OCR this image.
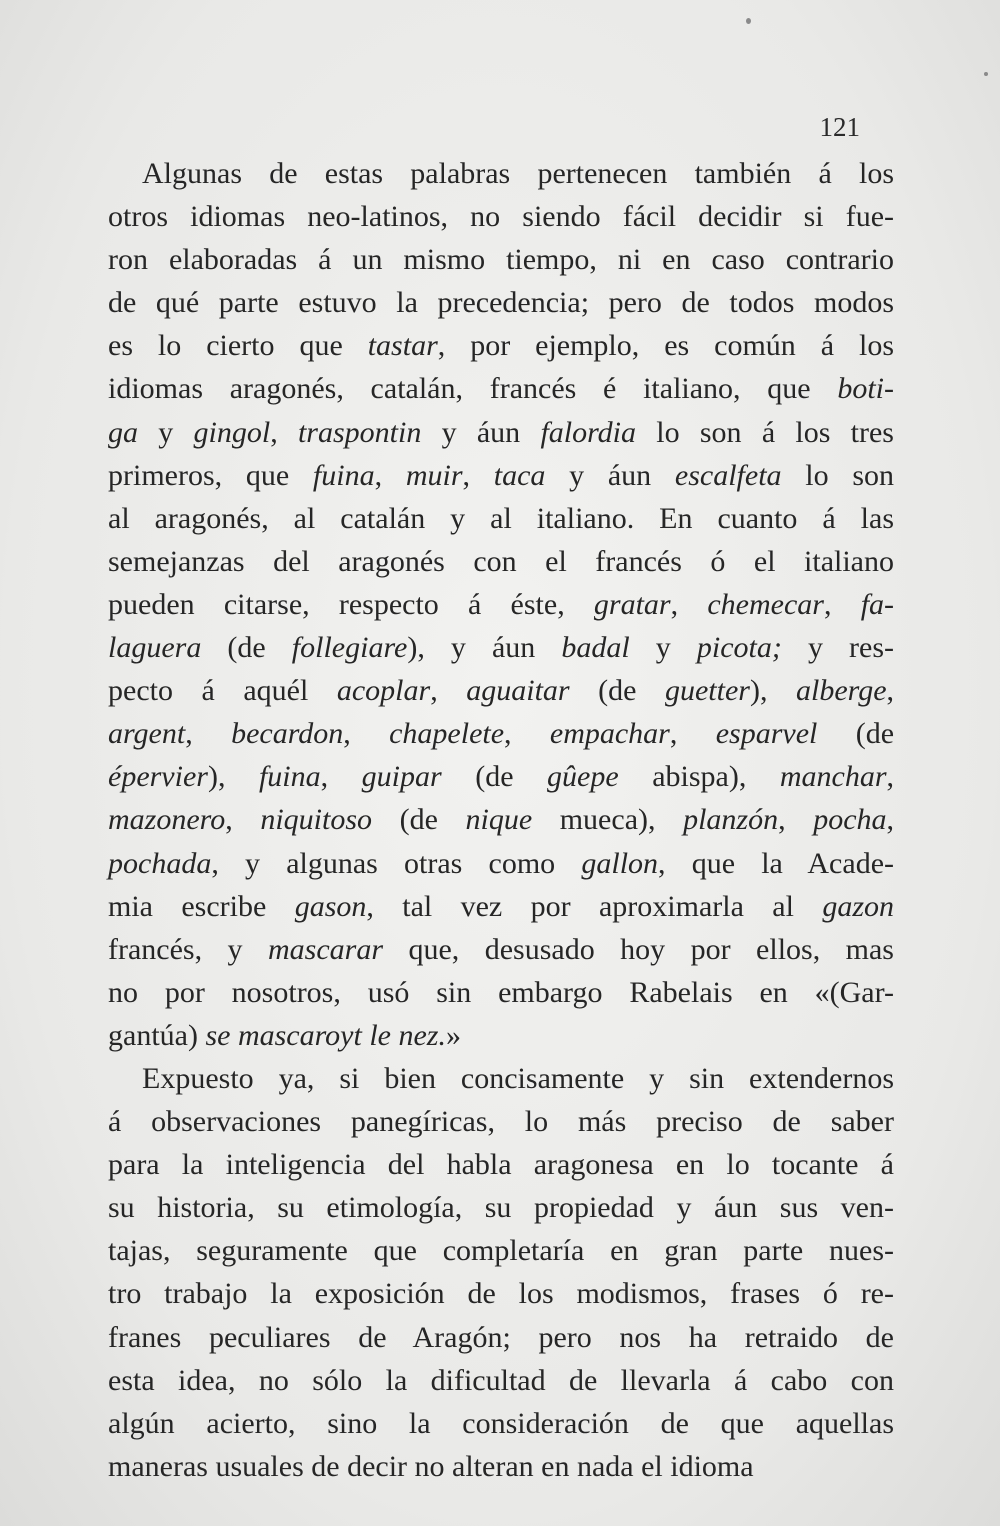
121
Algunas de estas palabras pertenecen también á los
otros idiomas neo-latinos, no siendo fácil decidir si fue-
ron elaboradas á un mismo tiempo, ni en caso contrario
de qué parte estuvo la precedencia; pero de todos modos
es lo cierto que tastar, por ejemplo, es común á los
idiomas aragonés, catalán, francés é italiano, que boti-
ga y gingol, traspontin y áun falordia lo son á los tres
primeros, que fuina, muir, taca y áun escalfeta lo son
al aragonés, al catalán y al italiano. En cuanto á las
semejanzas del aragonés con el francés ó el italiano
pueden citarse, respecto á éste, gratar, chemecar, fa-
laguera (de follegiare), y áun badal y picota; y res-
pecto á aquél acoplar, aguaitar (de guetter), alberge,
argent, becardon, chapelete, empachar, esparvel (de
épervier), fuina, guipar (de gûepe abispa), manchar,
mazonero, niquitoso (de nique mueca), planzón, pocha,
pochada, y algunas otras como gallon, que la Acade-
mia escribe gason, tal vez por aproximarla al gazon
francés, y mascarar que, desusado hoy por ellos, mas
no por nosotros, usó sin embargo Rabelais en «(Gar-
gantúa) se mascaroyt le nez.»
Expuesto ya, si bien concisamente y sin extendernos
á observaciones panegíricas, lo más preciso de saber
para la inteligencia del habla aragonesa en lo tocante á
su historia, su etimología, su propiedad y áun sus ven-
tajas, seguramente que completaría en gran parte nues-
tro trabajo la exposición de los modismos, frases ó re-
franes peculiares de Aragón; pero nos ha retraido de
esta idea, no sólo la dificultad de llevarla á cabo con
algún acierto, sino la consideración de que aquellas
maneras usuales de decir no alteran en nada el idioma
